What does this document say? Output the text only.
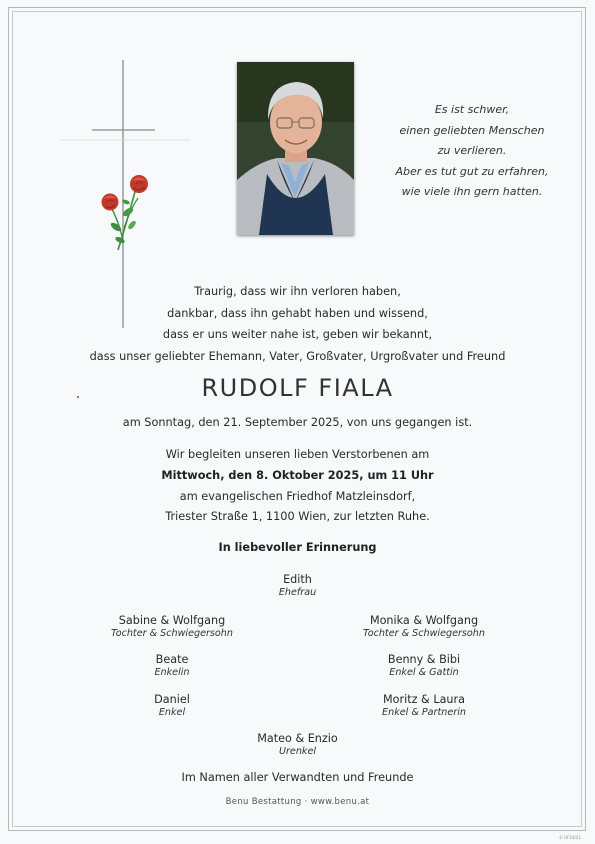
Es ist schwer,
einen geliebten Menschen
zu verlieren.
Aber es tut gut zu erfahren,
wie viele ihn gern hatten.
Traurig, dass wir ihn verloren haben,
dankbar, dass ihn gehabt haben und wissend,
dass er uns weiter nahe ist, geben wir bekannt,
dass unser geliebter Ehemann, Vater, Großvater, Urgroßvater und Freund
RUDOLF FIALA
am Sonntag, den 21. September 2025, von uns gegangen ist.
Wir begleiten unseren lieben Verstorbenen am
Mittwoch, den 8. Oktober 2025, um 11 Uhr
am evangelischen Friedhof Matzleinsdorf,
Triester Straße 1, 1100 Wien, zur letzten Ruhe.
In liebevoller Erinnerung
Edith
Ehefrau
Sabine & Wolfgang
Tochter & Schwiegersohn
Monika & Wolfgang
Tochter & Schwiegersohn
Beate
Enkelin
Benny & Bibi
Enkel & Gattin
Daniel
Enkel
Moritz & Laura
Enkel & Partnerin
Mateo & Enzio
Urenkel
Im Namen aller Verwandten und Freunde
Benu Bestattung · www.benu.at
© HF18/01
